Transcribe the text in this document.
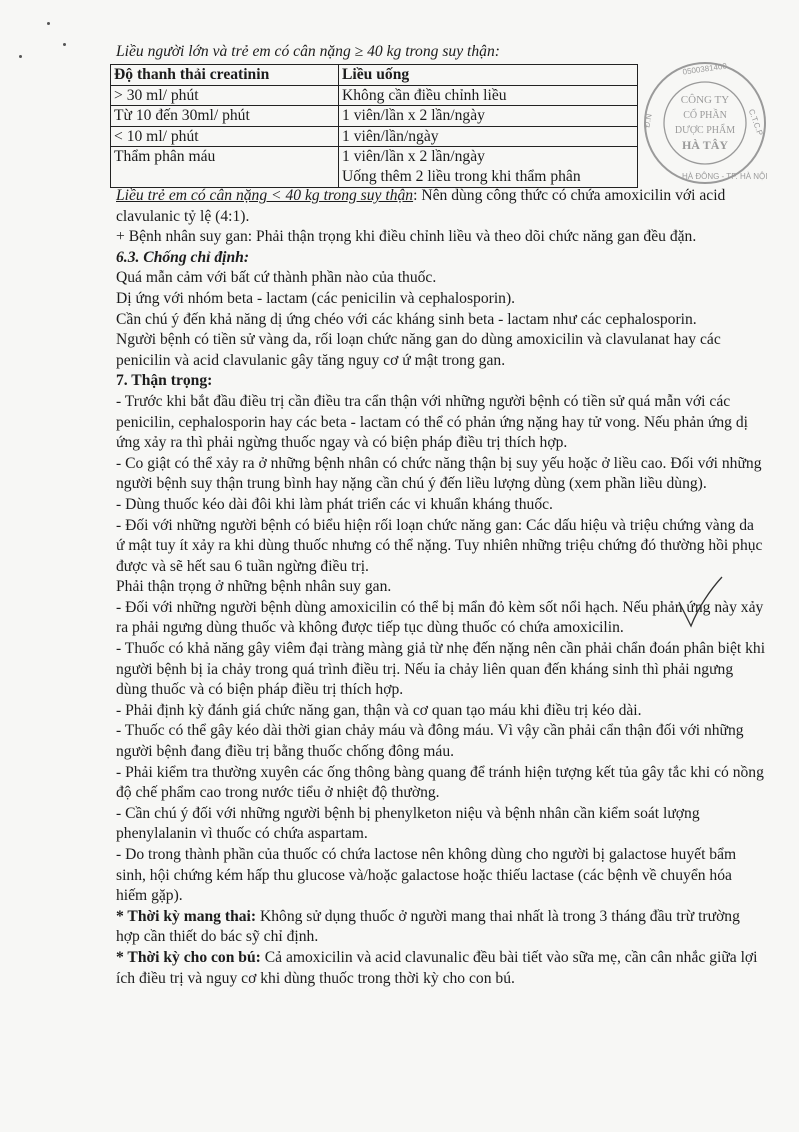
Liều người lớn và trẻ em có cân nặng ≥ 40 kg trong suy thận:
Độ thanh thải creatinin	Liều uống
> 30 ml/ phút	Không cần điều chỉnh liều
Từ 10 đến 30ml/ phút	1 viên/lần x 2 lần/ngày
< 10 ml/ phút	1 viên/lần/ngày
Thẩm phân máu	1 viên/lần x 2 lần/ngày
Uống thêm 2 liều trong khi thẩm phân
CÔNG TY
CỔ PHẦN
DƯỢC PHẨM
HÀ TÂY
0500381400
C.T.C.P
Đ.N
HÀ ĐÔNG - TP. HÀ NỘI

Liều trẻ em có cân nặng < 40 kg trong suy thận: Nên dùng công thức có chứa amoxicilin với acid clavulanic tỷ lệ (4:1).

+ Bệnh nhân suy gan: Phải thận trọng khi điều chỉnh liều và theo dõi chức năng gan đều đặn.

6.3. Chống chỉ định:

Quá mẫn cảm với bất cứ thành phần nào của thuốc.

Dị ứng với nhóm beta - lactam (các penicilin và cephalosporin).

Cần chú ý đến khả năng dị ứng chéo với các kháng sinh beta - lactam như các cephalosporin.

Người bệnh có tiền sử vàng da, rối loạn chức năng gan do dùng amoxicilin và clavulanat hay các penicilin và acid clavulanic gây tăng nguy cơ ứ mật trong gan.

7. Thận trọng:

- Trước khi bắt đầu điều trị cần điều tra cẩn thận với những người bệnh có tiền sử quá mẫn với các penicilin, cephalosporin hay các beta - lactam có thể có phản ứng nặng hay tử vong. Nếu phản ứng dị ứng xảy ra thì phải ngừng thuốc ngay và có biện pháp điều trị thích hợp.

- Co giật có thể xảy ra ở những bệnh nhân có chức năng thận bị suy yếu hoặc ở liều cao. Đối với những người bệnh suy thận trung bình hay nặng cần chú ý đến liều lượng dùng (xem phần liều dùng).

- Dùng thuốc kéo dài đôi khi làm phát triển các vi khuẩn kháng thuốc.

- Đối với những người bệnh có biểu hiện rối loạn chức năng gan: Các dấu hiệu và triệu chứng vàng da ứ mật tuy ít xảy ra khi dùng thuốc nhưng có thể nặng. Tuy nhiên những triệu chứng đó thường hồi phục được và sẽ hết sau 6 tuần ngừng điều trị.

Phải thận trọng ở những bệnh nhân suy gan.

- Đối với những người bệnh dùng amoxicilin có thể bị mẩn đỏ kèm sốt nổi hạch. Nếu phản ứng này xảy ra phải ngưng dùng thuốc và không được tiếp tục dùng thuốc có chứa amoxicilin.

- Thuốc có khả năng gây viêm đại tràng màng giả từ nhẹ đến nặng nên cần phải chẩn đoán phân biệt khi người bệnh bị ỉa chảy trong quá trình điều trị. Nếu ỉa chảy liên quan đến kháng sinh thì phải ngưng dùng thuốc và có biện pháp điều trị thích hợp.

- Phải định kỳ đánh giá chức năng gan, thận và cơ quan tạo máu khi điều trị kéo dài.

- Thuốc có thể gây kéo dài thời gian chảy máu và đông máu. Vì vậy cần phải cẩn thận đối với những người bệnh đang điều trị bằng thuốc chống đông máu.

- Phải kiểm tra thường xuyên các ống thông bàng quang để tránh hiện tượng kết tủa gây tắc khi có nồng độ chế phẩm cao trong nước tiểu ở nhiệt độ thường.

- Cần chú ý đối với những người bệnh bị phenylketon niệu và bệnh nhân cần kiểm soát lượng phenylalanin vì thuốc có chứa aspartam.

- Do trong thành phần của thuốc có chứa lactose nên không dùng cho người bị galactose huyết bẩm sinh, hội chứng kém hấp thu glucose và/hoặc galactose hoặc thiếu lactase (các bệnh về chuyển hóa hiếm gặp).

* Thời kỳ mang thai: Không sử dụng thuốc ở người mang thai nhất là trong 3 tháng đầu trừ trường hợp cần thiết do bác sỹ chỉ định.

* Thời kỳ cho con bú: Cả amoxicilin và acid clavunalic đều bài tiết vào sữa mẹ, cần cân nhắc giữa lợi ích điều trị và nguy cơ khi dùng thuốc trong thời kỳ cho con bú.
